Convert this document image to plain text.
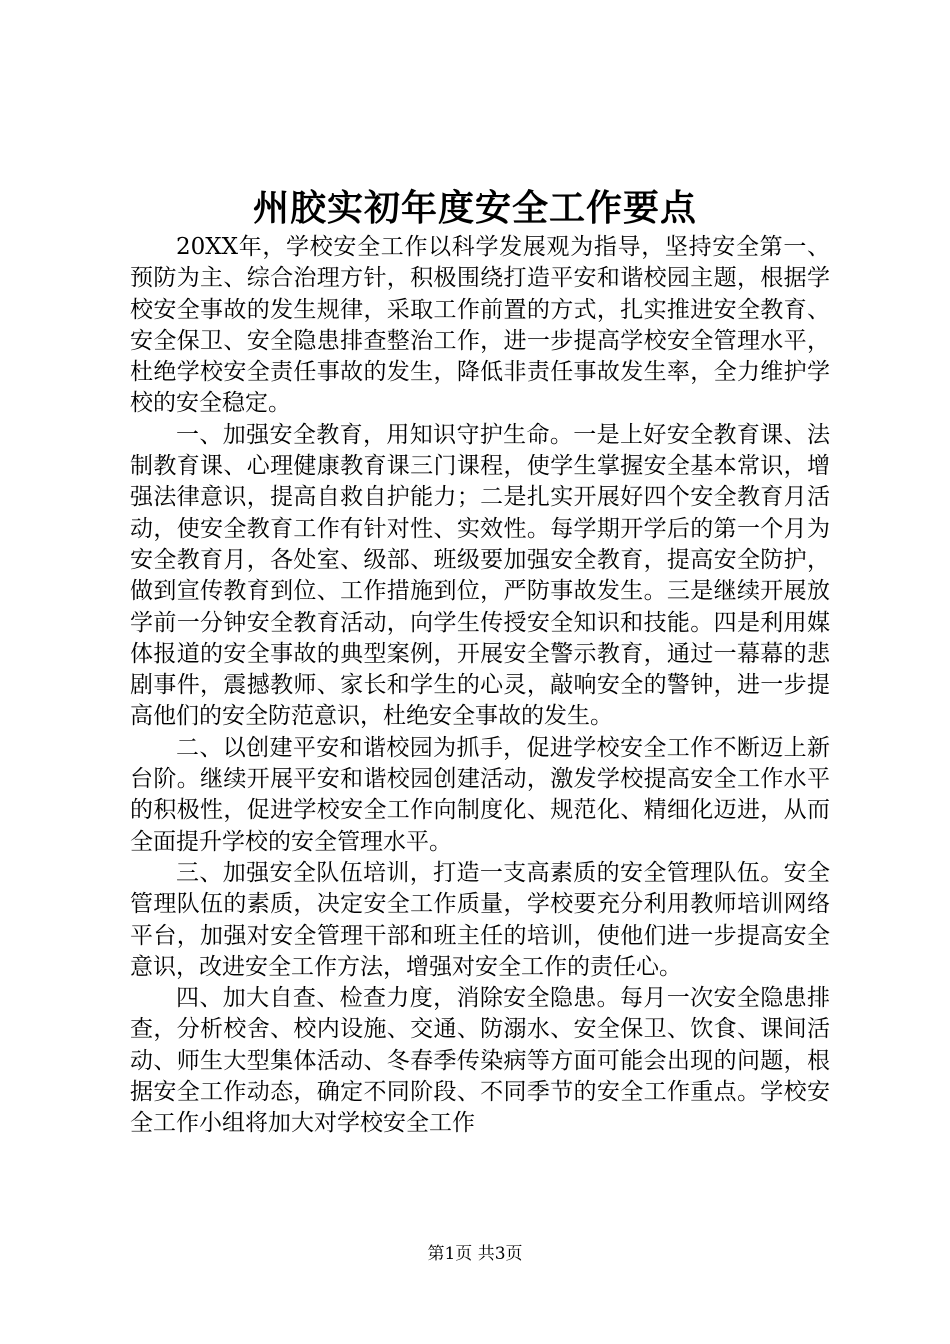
州胶实初年度安全工作要点

20XX年，学校安全工作以科学发展观为指导，坚持安全第一、预防为主、综合治理方针，积极围绕打造平安和谐校园主题，根据学校安全事故的发生规律，采取工作前置的方式，扎实推进安全教育、安全保卫、安全隐患排查整治工作，进一步提高学校安全管理水平，杜绝学校安全责任事故的发生，降低非责任事故发生率，全力维护学校的安全稳定。

一、加强安全教育，用知识守护生命。一是上好安全教育课、法制教育课、心理健康教育课三门课程，使学生掌握安全基本常识，增强法律意识，提高自救自护能力；二是扎实开展好四个安全教育月活动，使安全教育工作有针对性、实效性。每学期开学后的第一个月为安全教育月，各处室、级部、班级要加强安全教育，提高安全防护，做到宣传教育到位、工作措施到位，严防事故发生。三是继续开展放学前一分钟安全教育活动，向学生传授安全知识和技能。四是利用媒体报道的安全事故的典型案例，开展安全警示教育，通过一幕幕的悲剧事件，震撼教师、家长和学生的心灵，敲响安全的警钟，进一步提高他们的安全防范意识，杜绝安全事故的发生。

二、以创建平安和谐校园为抓手，促进学校安全工作不断迈上新台阶。继续开展平安和谐校园创建活动，激发学校提高安全工作水平的积极性，促进学校安全工作向制度化、规范化、精细化迈进，从而全面提升学校的安全管理水平。

三、加强安全队伍培训，打造一支高素质的安全管理队伍。安全管理队伍的素质，决定安全工作质量，学校要充分利用教师培训网络平台，加强对安全管理干部和班主任的培训，使他们进一步提高安全意识，改进安全工作方法，增强对安全工作的责任心。

四、加大自查、检查力度，消除安全隐患。每月一次安全隐患排查，分析校舍、校内设施、交通、防溺水、安全保卫、饮食、课间活动、师生大型集体活动、冬春季传染病等方面可能会出现的问题，根据安全工作动态，确定不同阶段、不同季节的安全工作重点。学校安全工作小组将加大对学校安全工作

第1页 共3页
